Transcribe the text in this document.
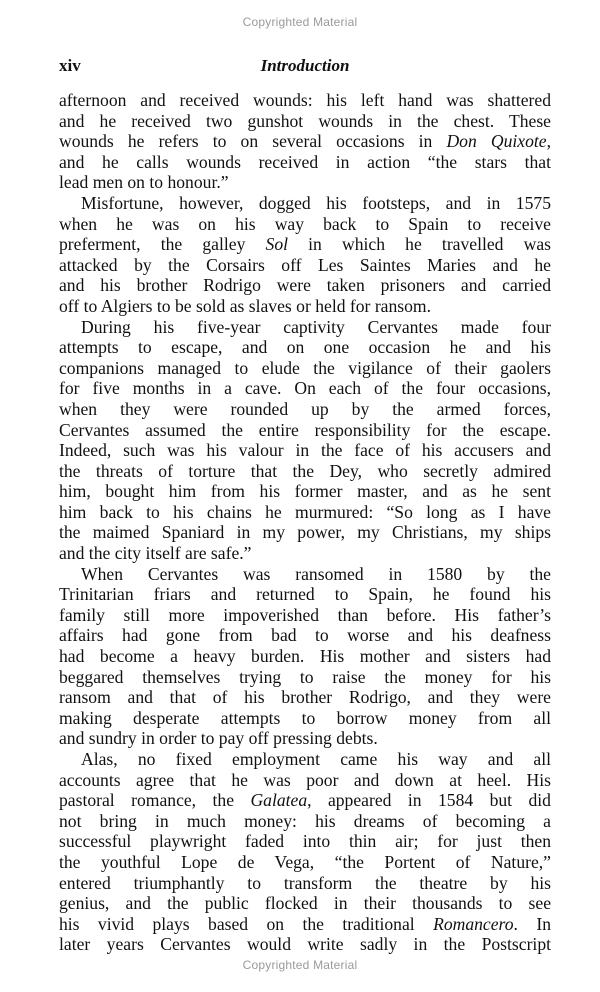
Copyrighted Material
xiv	Introduction
afternoon and received wounds: his left hand was shattered
and he received two gunshot wounds in the chest. These
wounds he refers to on several occasions in Don Quixote,
and he calls wounds received in action “the stars that
lead men on to honour.”
Misfortune, however, dogged his footsteps, and in 1575
when he was on his way back to Spain to receive
preferment, the galley Sol in which he travelled was
attacked by the Corsairs off Les Saintes Maries and he
and his brother Rodrigo were taken prisoners and carried
off to Algiers to be sold as slaves or held for ransom.
During his five-year captivity Cervantes made four
attempts to escape, and on one occasion he and his
companions managed to elude the vigilance of their gaolers
for five months in a cave. On each of the four occasions,
when they were rounded up by the armed forces,
Cervantes assumed the entire responsibility for the escape.
Indeed, such was his valour in the face of his accusers and
the threats of torture that the Dey, who secretly admired
him, bought him from his former master, and as he sent
him back to his chains he murmured: “So long as I have
the maimed Spaniard in my power, my Christians, my ships
and the city itself are safe.”
When Cervantes was ransomed in 1580 by the
Trinitarian friars and returned to Spain, he found his
family still more impoverished than before. His father’s
affairs had gone from bad to worse and his deafness
had become a heavy burden. His mother and sisters had
beggared themselves trying to raise the money for his
ransom and that of his brother Rodrigo, and they were
making desperate attempts to borrow money from all
and sundry in order to pay off pressing debts.
Alas, no fixed employment came his way and all
accounts agree that he was poor and down at heel. His
pastoral romance, the Galatea, appeared in 1584 but did
not bring in much money: his dreams of becoming a
successful playwright faded into thin air; for just then
the youthful Lope de Vega, “the Portent of Nature,”
entered triumphantly to transform the theatre by his
genius, and the public flocked in their thousands to see
his vivid plays based on the traditional Romancero. In
later years Cervantes would write sadly in the Postscript
Copyrighted Material
